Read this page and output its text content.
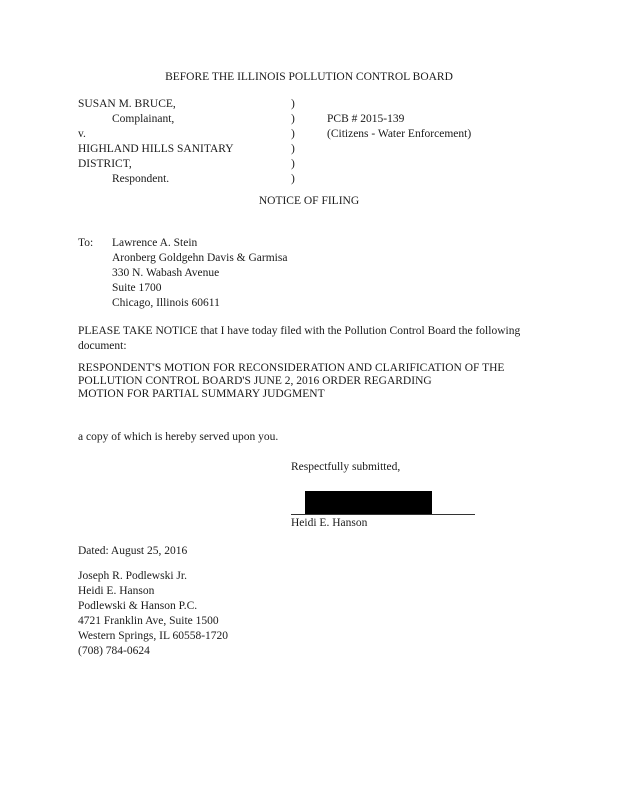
BEFORE THE ILLINOIS POLLUTION CONTROL BOARD
SUSAN M. BRUCE,
Complainant,
v.
HIGHLAND HILLS SANITARY
DISTRICT,
Respondent.
)
)
)
)
)
)
PCB # 2015-139
(Citizens - Water Enforcement)
NOTICE OF FILING
To: Lawrence A. Stein
Aronberg Goldgehn Davis & Garmisa
330 N. Wabash Avenue
Suite 1700
Chicago, Illinois 60611
PLEASE TAKE NOTICE that I have today filed with the Pollution Control Board the following
document:
RESPONDENT'S MOTION FOR RECONSIDERATION AND CLARIFICATION OF THE
POLLUTION CONTROL BOARD'S JUNE 2, 2016 ORDER REGARDING
MOTION FOR PARTIAL SUMMARY JUDGMENT
a copy of which is hereby served upon you.
Respectfully submitted,
Heidi E. Hanson
Dated: August 25, 2016
Joseph R. Podlewski Jr.
Heidi E. Hanson
Podlewski & Hanson P.C.
4721 Franklin Ave, Suite 1500
Western Springs, IL 60558-1720
(708) 784-0624
